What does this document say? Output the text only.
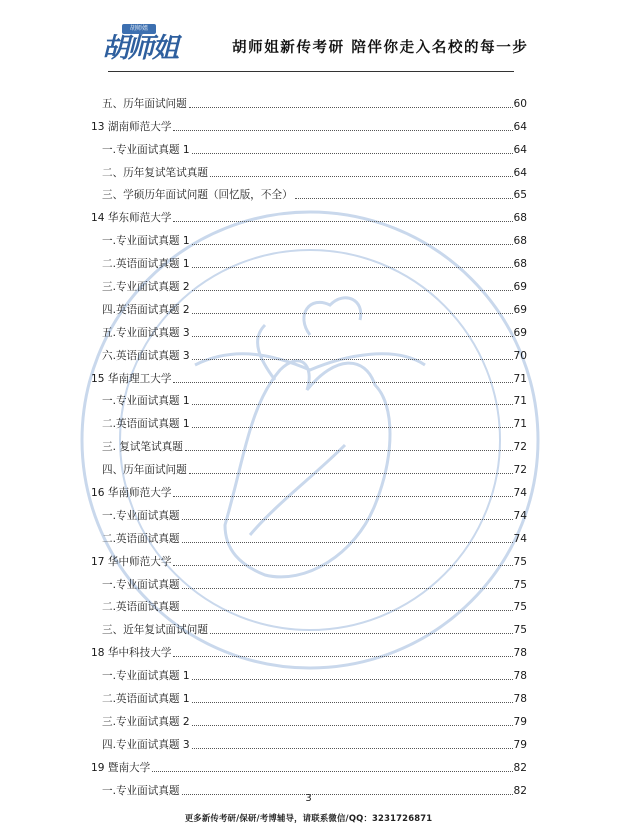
胡师姐
胡师姐	胡师姐新传考研 陪伴你走入名校的每一步
五、历年面试问题	60
13 湖南师范大学	64
一.专业面试真题 1	64
二、历年复试笔试真题	64
三、学硕历年面试问题（回忆版，不全）	65
14 华东师范大学	68
一.专业面试真题 1	68
二.英语面试真题 1	68
三.专业面试真题 2	69
四.英语面试真题 2	69
五.专业面试真题 3	69
六.英语面试真题 3	70
15 华南理工大学	71
一.专业面试真题 1	71
二.英语面试真题 1	71
三. 复试笔试真题	72
四、历年面试问题	72
16 华南师范大学	74
一.专业面试真题	74
二.英语面试真题	74
17 华中师范大学	75
一.专业面试真题	75
二.英语面试真题	75
三、近年复试面试问题	75
18 华中科技大学	78
一.专业面试真题 1	78
二.英语面试真题 1	78
三.专业面试真题 2	79
四.专业面试真题 3	79
19 暨南大学	82
一.专业面试真题	82
3
更多新传考研/保研/考博辅导，请联系微信/QQ：3231726871
